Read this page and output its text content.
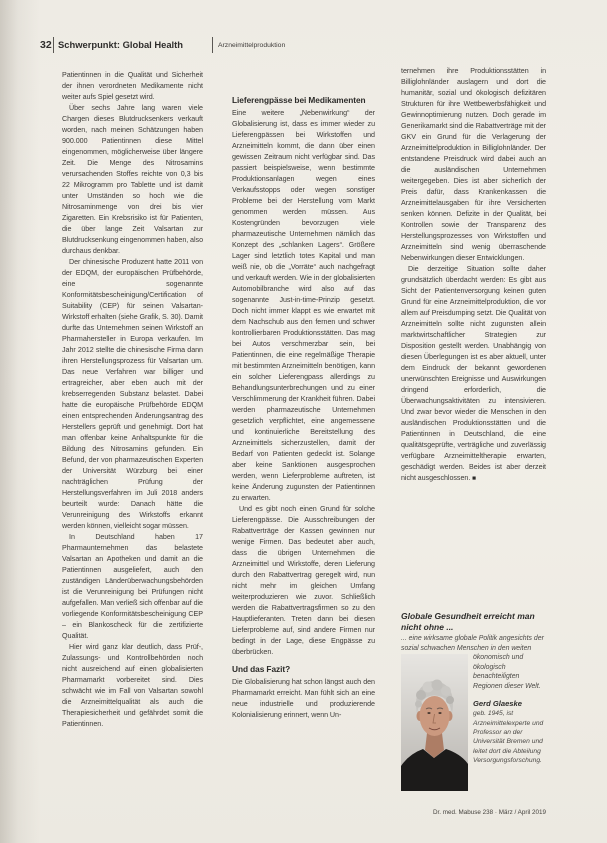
32 Schwerpunkt: Global Health	Arzneimittelproduktion

Patientinnen in die Qualität und Sicherheit der ihnen verordneten Medikamente nicht weiter aufs Spiel gesetzt wird.

Über sechs Jahre lang waren viele Chargen dieses Blutdrucksenkers verkauft worden, nach meinen Schätzungen haben 900.000 Patientinnen diese Mittel eingenommen, möglicherweise über längere Zeit. Die Menge des Nitrosamins verursachenden Stoffes reichte von 0,3 bis 22 Mikrogramm pro Tablette und ist damit unter Umständen so hoch wie die Nitrosaminmenge von drei bis vier Zigaretten. Ein Krebsrisiko ist für Patienten, die über lange Zeit Valsartan zur Blutdrucksenkung eingenommen haben, also durchaus denkbar.

Der chinesische Produzent hatte 2011 von der EDQM, der europäischen Prüfbehörde, eine sogenannte Konformitätsbescheinigung/Certification of Suitability (CEP) für seinen Valsartan-Wirkstoff erhalten (siehe Grafik, S. 30). Damit durfte das Unternehmen seinen Wirkstoff an Pharmahersteller in Europa verkaufen. Im Jahr 2012 stellte die chinesische Firma dann ihren Herstellungsprozess für Valsartan um. Das neue Verfahren war billiger und ertragreicher, aber eben auch mit der krebserregenden Substanz belastet. Dabei hatte die europäische Prüfbehörde EDQM einen entsprechenden Änderungsantrag des Herstellers geprüft und genehmigt. Dort hat man offenbar keine Anhaltspunkte für die Bildung des Nitrosamins gefunden. Ein Befund, der von pharmazeutischen Experten der Universität Würzburg bei einer nachträglichen Prüfung der Herstellungsverfahren im Juli 2018 anders beurteilt wurde: Danach hätte die Verunreinigung des Wirkstoffs erkannt werden können, vielleicht sogar müssen.

In Deutschland haben 17 Pharmaunternehmen das belastete Valsartan an Apotheken und damit an die Patientinnen ausgeliefert, auch den zuständigen Länderüberwachungsbehörden ist die Verunreinigung bei Prüfungen nicht aufgefallen. Man verließ sich offenbar auf die vorliegende Konformitätsbescheinigung CEP – ein Blankoscheck für die zertifizierte Qualität.

Hier wird ganz klar deutlich, dass Prüf-, Zulassungs- und Kontrollbehörden noch nicht ausreichend auf einen globalisierten Pharmamarkt vorbereitet sind. Dies schwächt wie im Fall von Valsartan sowohl die Arzneimittelqualität als auch die Therapiesicherheit und gefährdet somit die Patientinnen.

Lieferengpässe bei Medikamenten

Eine weitere „Nebenwirkung“ der Globalisierung ist, dass es immer wieder zu Lieferengpässen bei Wirkstoffen und Arzneimitteln kommt, die dann über einen gewissen Zeitraum nicht verfügbar sind. Das passiert beispielsweise, wenn bestimmte Produktionsanlagen wegen eines Verkaufsstopps oder wegen sonstiger Probleme bei der Herstellung vom Markt genommen werden müssen. Aus Kostengründen bevorzugen viele pharmazeutische Unternehmen nämlich das Konzept des „schlanken Lagers“. Größere Lager sind letztlich totes Kapital und man weiß nie, ob die „Vorräte“ auch nachgefragt und verkauft werden. Wie in der globalisierten Automobilbranche wird also auf das sogenannte Just-in-time-Prinzip gesetzt. Doch nicht immer klappt es wie erwartet mit dem Nachschub aus den fernen und schwer kontrollierbaren Produktionsstätten. Das mag bei Autos verschmerzbar sein, bei Patientinnen, die eine regelmäßige Therapie mit bestimmten Arzneimitteln benötigen, kann ein solcher Lieferengpass allerdings zu Behandlungsunterbrechungen und zu einer Verschlimmerung der Krankheit führen. Dabei werden pharmazeutische Unternehmen gesetzlich verpflichtet, eine angemessene und kontinuierliche Bereitstellung des Arzneimittels sicherzustellen, damit der Bedarf von Patienten gedeckt ist. Solange aber keine Sanktionen ausgesprochen werden, wenn Lieferprobleme auftreten, ist keine Änderung zugunsten der Patientinnen zu erwarten.

Und es gibt noch einen Grund für solche Lieferengpässe. Die Ausschreibungen der Rabattverträge der Kassen gewinnen nur wenige Firmen. Das bedeutet aber auch, dass die übrigen Unternehmen die Arzneimittel und Wirkstoffe, deren Lieferung durch den Rabattvertrag geregelt wird, nun nicht mehr im gleichen Umfang weiterproduzieren wie zuvor. Schließlich werden die Rabattvertragsfirmen so zu den Hauptlieferanten. Treten dann bei diesen Lieferprobleme auf, sind andere Firmen nur bedingt in der Lage, diese Engpässe zu überbrücken.

Und das Fazit?

Die Globalisierung hat schon längst auch den Pharmamarkt erreicht. Man fühlt sich an eine neue industrielle und produzierende Kolonialisierung erinnert, wenn Un-

ternehmen ihre Produktionsstätten in Billiglohnländer auslagern und dort die humanitär, sozial und ökologisch defizitären Strukturen für ihre Wettbewerbsfähigkeit und Gewinnoptimierung nutzen. Doch gerade im Generikamarkt sind die Rabattverträge mit der GKV ein Grund für die Verlagerung der Arzneimittelproduktion in Billiglohnländer. Der entstandene Preisdruck wird dabei auch an die ausländischen Unternehmen weitergegeben. Dies ist aber sicherlich der Preis dafür, dass Krankenkassen die Arzneimittelausgaben für ihre Versicherten senken können. Defizite in der Qualität, bei Kontrollen sowie der Transparenz des Herstellungsprozesses von Wirkstoffen und Arzneimitteln sind wenig überraschende Nebenwirkungen dieser Entwicklungen.

Die derzeitige Situation sollte daher grundsätzlich überdacht werden: Es gibt aus Sicht der Patientenversorgung keinen guten Grund für eine Arzneimittelproduktion, die vor allem auf Preisdumping setzt. Die Qualität von Arzneimitteln sollte nicht zugunsten allein marktwirtschaftlicher Strategien zur Disposition gestellt werden. Unabhängig von diesen Überlegungen ist es aber aktuell, unter dem Eindruck der bekannt gewordenen unerwünschten Ereignisse und Auswirkungen dringend erforderlich, die Überwachungsaktivitäten zu intensivieren. Und zwar bevor wieder die Menschen in den ausländischen Produktionsstätten und die Patientinnen in Deutschland, die eine qualitätsgeprüfte, verträgliche und zuverlässig verfügbare Arzneimitteltherapie erwarten, geschädigt werden. Beides ist aber derzeit nicht ausgeschlossen. ■

Globale Gesundheit erreicht man nicht ohne ...

... eine wirksame globale Politik angesichts der sozial schwachen Menschen in den weiten ökonomisch und ökologisch benachteiligten Regionen dieser Welt.

Gerd Glaeske

geb. 1945, ist Arzneimittelexperte und Professor an der Universität Bremen und leitet dort die Abteilung Versorgungsforschung.

Dr. med. Mabuse 238 · März / April 2019
